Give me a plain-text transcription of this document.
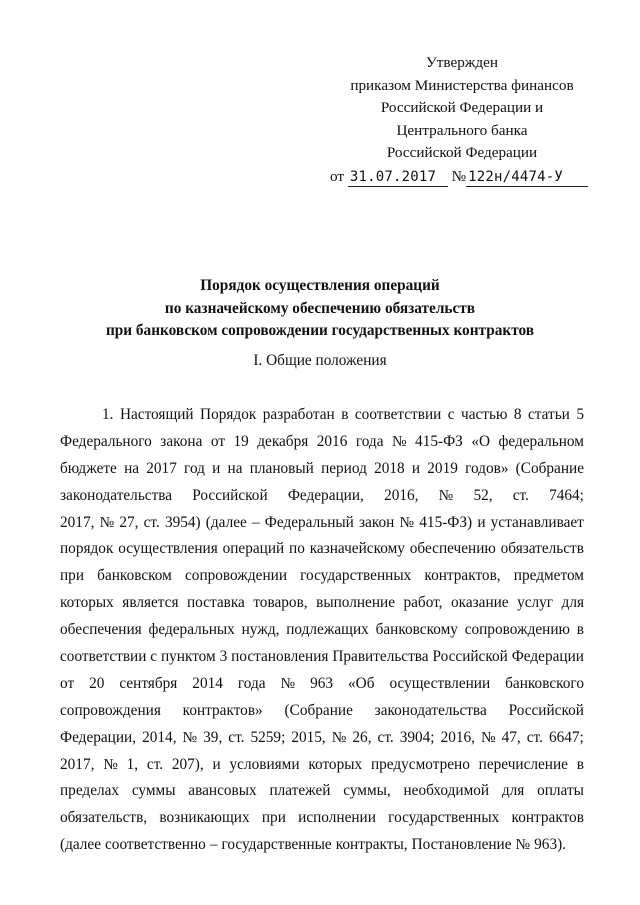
Утвержден
приказом Министерства финансов
Российской Федерации и
Центрального банка
Российской Федерации
от 31.07.2017 № 122н/4474-У
Порядок осуществления операций
по казначейскому обеспечению обязательств
при банковском сопровождении государственных контрактов
I. Общие положения
1. Настоящий Порядок разработан в соответствии с частью 8 статьи 5
Федерального закона от 19 декабря 2016 года № 415-ФЗ «О федеральном
бюджете на 2017 год и на плановый период 2018 и 2019 годов» (Собрание
законодательства Российской Федерации, 2016, № 52, ст. 7464;
2017, № 27, ст. 3954) (далее – Федеральный закон № 415-ФЗ) и устанавливает
порядок осуществления операций по казначейскому обеспечению обязательств
при банковском сопровождении государственных контрактов, предметом
которых является поставка товаров, выполнение работ, оказание услуг для
обеспечения федеральных нужд, подлежащих банковскому сопровождению в
соответствии с пунктом 3 постановления Правительства Российской Федерации
от 20 сентября 2014 года № 963 «Об осуществлении банковского
сопровождения контрактов» (Собрание законодательства Российской
Федерации, 2014, № 39, ст. 5259; 2015, № 26, ст. 3904; 2016, № 47, ст. 6647;
2017, № 1, ст. 207), и условиями которых предусмотрено перечисление в
пределах суммы авансовых платежей суммы, необходимой для оплаты
обязательств, возникающих при исполнении государственных контрактов
(далее соответственно – государственные контракты, Постановление № 963).
